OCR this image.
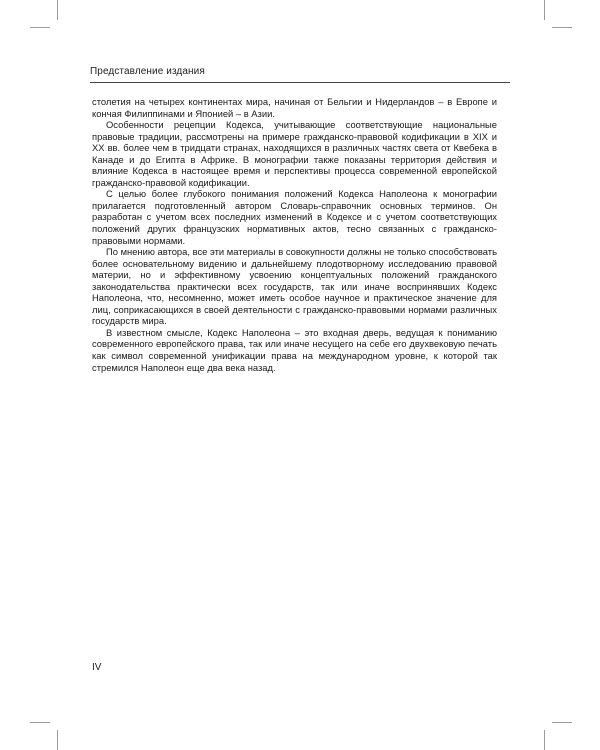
Представление издания

столетия на четырех континентах мира, начиная от Бельгии и Нидерландов – в Европе и кончая Филиппинами и Японией – в Азии.

Особенности рецепции Кодекса, учитывающие соответствующие национальные правовые традиции, рассмотрены на примере гражданско-правовой кодификации в XIX и XX вв. более чем в тридцати странах, находящихся в различных частях света от Квебека в Канаде и до Египта в Африке. В монографии также показаны территория действия и влияние Кодекса в настоящее время и перспективы процесса современной европейской гражданско-правовой кодификации.

С целью более глубокого понимания положений Кодекса Наполеона к монографии прилагается подготовленный автором Словарь-справочник основных терминов. Он разработан с учетом всех последних изменений в Кодексе и с учетом соответствующих положений других французских нормативных актов, тесно связанных с гражданско-правовыми нормами.

По мнению автора, все эти материалы в совокупности должны не только способствовать более основательному видению и дальнейшему плодотворному исследованию правовой материи, но и эффективному усвоению концептуальных положений гражданского законодательства практически всех государств, так или иначе воспринявших Кодекс Наполеона, что, несомненно, может иметь особое научное и практическое значение для лиц, соприкасающихся в своей деятельности с гражданско-правовыми нормами различных государств мира.

В известном смысле, Кодекс Наполеона – это входная дверь, ведущая к пониманию современного европейского права, так или иначе несущего на себе его двухвековую печать как символ современной унификации права на международном уровне, к которой так стремился Наполеон еще два века назад.

IV
